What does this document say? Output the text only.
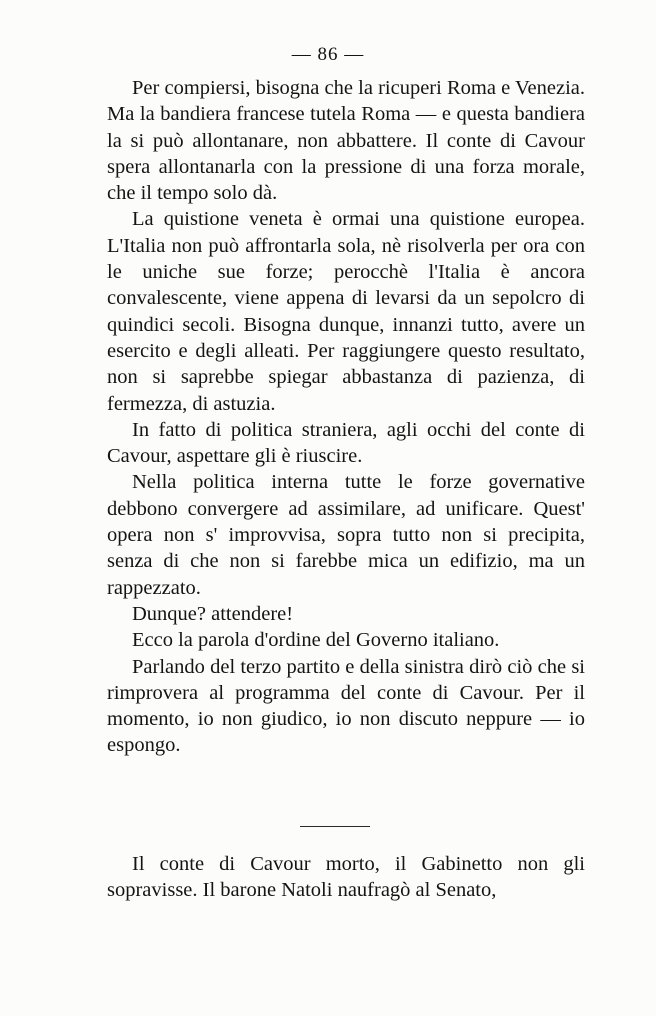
— 86 —

Per compiersi, bisogna che la ricuperi Roma e Venezia. Ma la bandiera francese tutela Roma — e questa bandiera la si può allontanare, non abbattere. Il conte di Cavour spera allontanarla con la pressione di una forza morale, che il tempo solo dà.

La quistione veneta è ormai una quistione europea. L'Italia non può affrontarla sola, nè risolverla per ora con le uniche sue forze; perocchè l'Italia è ancora convalescente, viene appena di levarsi da un sepolcro di quindici secoli. Bisogna dunque, innanzi tutto, avere un esercito e degli alleati. Per raggiungere questo resultato, non si saprebbe spiegar abbastanza di pazienza, di fermezza, di astuzia.

In fatto di politica straniera, agli occhi del conte di Cavour, aspettare gli è riuscire.

Nella politica interna tutte le forze governative debbono convergere ad assimilare, ad unificare. Quest' opera non s' improvvisa, sopra tutto non si precipita, senza di che non si farebbe mica un edifizio, ma un rappezzato.

Dunque? attendere!

Ecco la parola d'ordine del Governo italiano.

Parlando del terzo partito e della sinistra dirò ciò che si rimprovera al programma del conte di Cavour. Per il momento, io non giudico, io non discuto neppure — io espongo.

Il conte di Cavour morto, il Gabinetto non gli sopravisse. Il barone Natoli naufragò al Senato,
